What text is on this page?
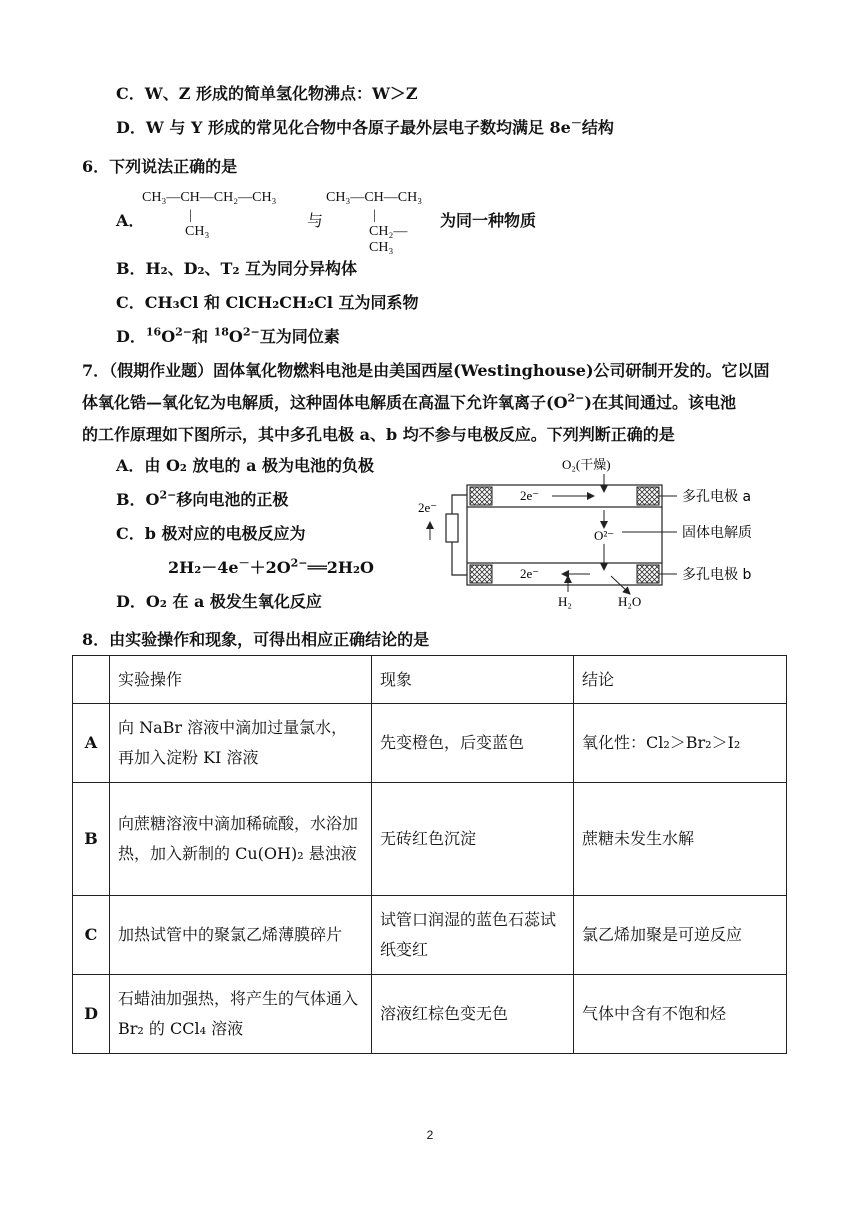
C．W、Z 形成的简单氢化物沸点：W＞Z
D．W 与 Y 形成的常见化合物中各原子最外层电子数均满足 8e－结构
6．下列说法正确的是
A．
CH₃—CH—CH₂—CH₃
|
CH₃
与
CH₃—CH—CH₃
|
CH₂—CH₃
为同一种物质
B．H₂、D₂、T₂ 互为同分异构体
C．CH₃Cl 和 ClCH₂CH₂Cl 互为同系物
D．$^{16}O^{2-}$和 $^{18}O^{2-}$互为同位素
7．（假期作业题）固体氧化物燃料电池是由美国西屋(Westinghouse)公司研制开发的。它以固
体氧化锆—氧化钇为电解质，这种固体电解质在高温下允许氧离子$(O^{2-})$在其间通过。该电池
的工作原理如下图所示，其中多孔电极 a、b 均不参与电极反应。下列判断正确的是
A．由 O₂ 放电的 a 极为电池的负极
B．$O^{2-}$移向电池的正极
C．b 极对应的电极反应为
$2H_2-4e^-+2O^{2-}══2H_2O$
D．O₂ 在 a 极发生氧化反应
O₂(干燥)
2e⁻
2e⁻
2e⁻
O²⁻
多孔电极 a
固体电解质
多孔电极 b
H₂	H₂O
8．由实验操作和现象，可得出相应正确结论的是
	实验操作	现象	结论
A	向 NaBr 溶液中滴加过量氯水，再加入淀粉 KI 溶液	先变橙色，后变蓝色	氧化性：Cl₂＞Br₂＞I₂
B	向蔗糖溶液中滴加稀硫酸，水浴加热，加入新制的 Cu(OH)₂ 悬浊液	无砖红色沉淀	蔗糖未发生水解
C	加热试管中的聚氯乙烯薄膜碎片	试管口润湿的蓝色石蕊试纸变红	氯乙烯加聚是可逆反应
D	石蜡油加强热，将产生的气体通入 Br₂ 的 CCl₄ 溶液	溶液红棕色变无色	气体中含有不饱和烃
2
